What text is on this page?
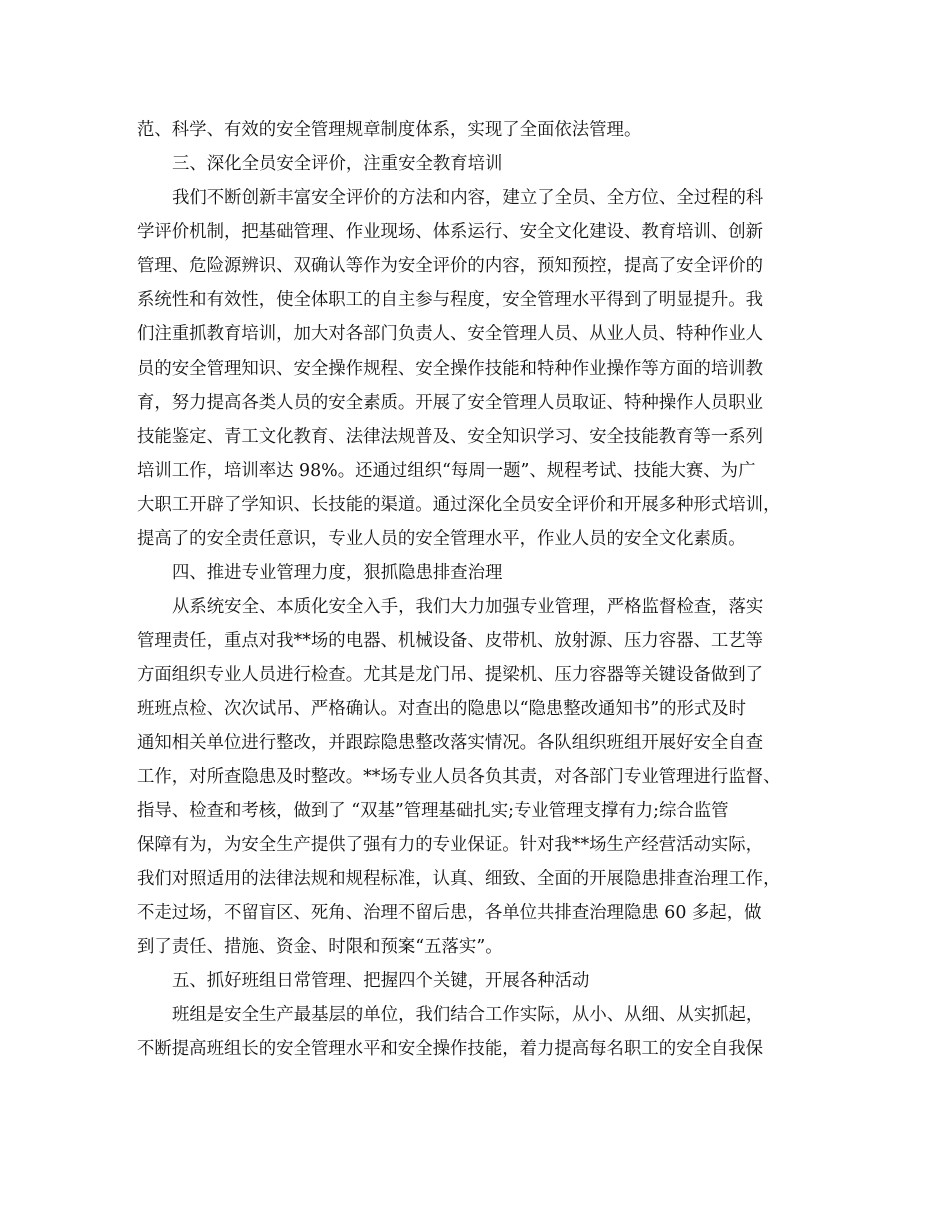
范、科学、有效的安全管理规章制度体系，实现了全面依法管理。
三、深化全员安全评价，注重安全教育培训
我们不断创新丰富安全评价的方法和内容，建立了全员、全方位、全过程的科
学评价机制，把基础管理、作业现场、体系运行、安全文化建设、教育培训、创新
管理、危险源辨识、双确认等作为安全评价的内容，预知预控，提高了安全评价的
系统性和有效性，使全体职工的自主参与程度，安全管理水平得到了明显提升。我
们注重抓教育培训，加大对各部门负责人、安全管理人员、从业人员、特种作业人
员的安全管理知识、安全操作规程、安全操作技能和特种作业操作等方面的培训教
育，努力提高各类人员的安全素质。开展了安全管理人员取证、特种操作人员职业
技能鉴定、青工文化教育、法律法规普及、安全知识学习、安全技能教育等一系列
培训工作，培训率达 98%。还通过组织“每周一题”、规程考试、技能大赛、为广
大职工开辟了学知识、长技能的渠道。通过深化全员安全评价和开展多种形式培训，
提高了的安全责任意识，专业人员的安全管理水平，作业人员的安全文化素质。
四、推进专业管理力度，狠抓隐患排查治理
从系统安全、本质化安全入手，我们大力加强专业管理，严格监督检查，落实
管理责任，重点对我**场的电器、机械设备、皮带机、放射源、压力容器、工艺等
方面组织专业人员进行检查。尤其是龙门吊、提梁机、压力容器等关键设备做到了
班班点检、次次试吊、严格确认。对查出的隐患以“隐患整改通知书”的形式及时
通知相关单位进行整改，并跟踪隐患整改落实情况。各队组织班组开展好安全自查
工作，对所查隐患及时整改。**场专业人员各负其责，对各部门专业管理进行监督、
指导、检查和考核，做到了 “双基”管理基础扎实;专业管理支撑有力;综合监管
保障有为，为安全生产提供了强有力的专业保证。针对我**场生产经营活动实际，
我们对照适用的法律法规和规程标准，认真、细致、全面的开展隐患排查治理工作，
不走过场，不留盲区、死角、治理不留后患，各单位共排查治理隐患 60 多起，做
到了责任、措施、资金、时限和预案“五落实”。
五、抓好班组日常管理、把握四个关键，开展各种活动
班组是安全生产最基层的单位，我们结合工作实际，从小、从细、从实抓起，
不断提高班组长的安全管理水平和安全操作技能，着力提高每名职工的安全自我保
